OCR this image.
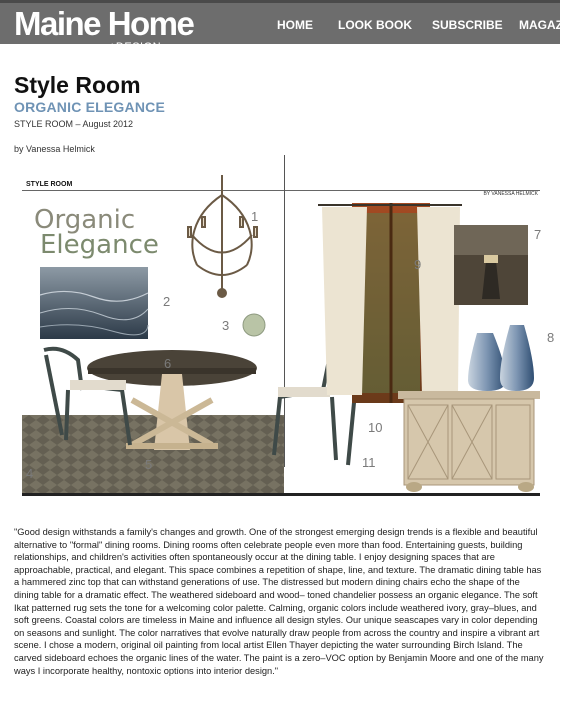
Maine Home
+DESIGN
HOME LOOK BOOK SUBSCRIBE MAGAZ
Style Room
ORGANIC ELEGANCE
STYLE ROOM – August 2012
by Vanessa Helmick
STYLE ROOM
BY VANESSA HELMICK
Organic
Elegance
1
2
3
4
5
6
7
8
9
10
11

"Good design withstands a family's changes and growth. One of the strongest emerging design trends is a flexible and beautiful alternative to "formal" dining rooms. Dining rooms often celebrate people even more than food. Entertaining guests, building relationships, and children's activities often spontaneously occur at the dining table. I enjoy designing spaces that are approachable, practical, and elegant. This space combines a repetition of shape, line, and texture. The dramatic dining table has a hammered zinc top that can withstand generations of use. The distressed but modern dining chairs echo the shape of the dining table for a dramatic effect. The weathered sideboard and wood– toned chandelier possess an organic elegance. The soft Ikat patterned rug sets the tone for a welcoming color palette. Calming, organic colors include weathered ivory, gray–blues, and soft greens. Coastal colors are timeless in Maine and influence all design styles. Our unique seascapes vary in color depending on seasons and sunlight. The color narratives that evolve naturally draw people from across the country and inspire a vibrant art scene. I chose a modern, original oil painting from local artist Ellen Thayer depicting the water surrounding Birch Island. The carved sideboard echoes the organic lines of the water. The paint is a zero–VOC option by Benjamin Moore and one of the many ways I incorporate healthy, nontoxic options into interior design."
